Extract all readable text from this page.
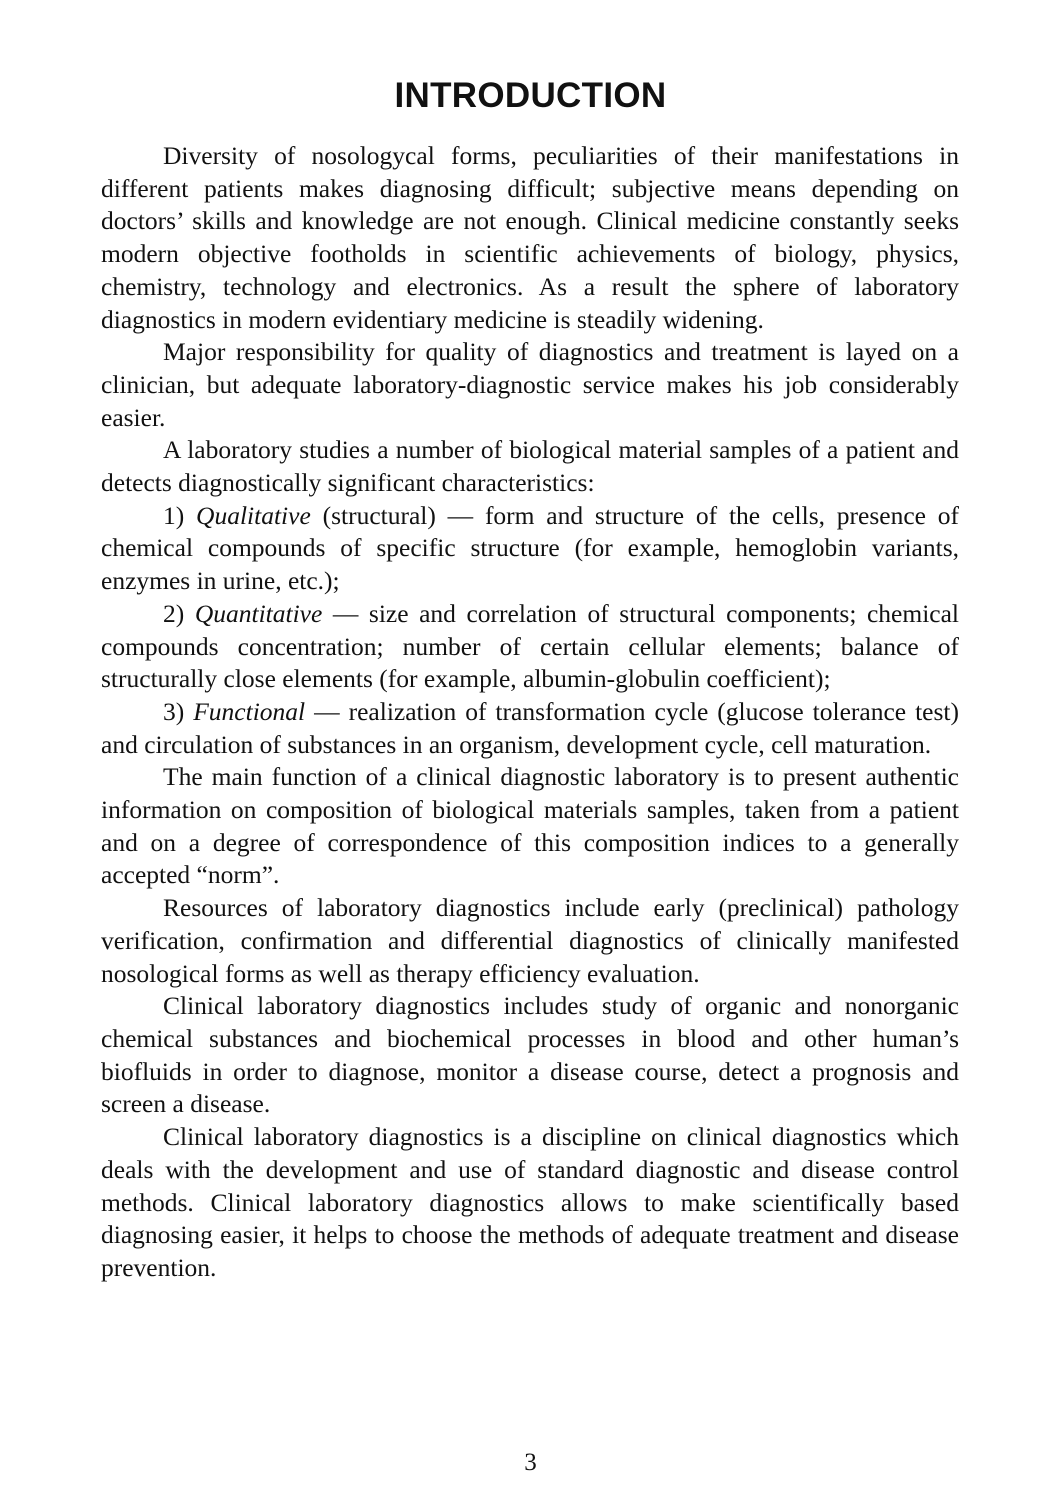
INTRODUCTION

Diversity of nosologycal forms, peculiarities of their manifestations in different patients makes diagnosing difficult; subjective means depending on doctors’ skills and knowledge are not enough. Clinical medicine constantly seeks modern objective footholds in scientific achievements of biology, physics, chemistry, technology and electronics. As a result the sphere of laboratory diagnostics in modern evidentiary medicine is steadily widening.

Major responsibility for quality of diagnostics and treatment is layed on a clinician, but adequate laboratory-diagnostic service makes his job considerably easier.

A laboratory studies a number of biological material samples of a patient and detects diagnostically significant characteristics:

1) Qualitative (structural) — form and structure of the cells, presence of chemical compounds of specific structure (for example, hemoglobin variants, enzymes in urine, etc.);

2) Quantitative — size and correlation of structural components; chemical compounds concentration; number of certain cellular elements; balance of structurally close elements (for example, albumin-globulin coefficient);

3) Functional — realization of transformation cycle (glucose tolerance test) and circulation of substances in an organism, development cycle, cell maturation.

The main function of a clinical diagnostic laboratory is to present authentic information on composition of biological materials samples, taken from a patient and on a degree of correspondence of this composition indices to a generally accepted “norm”.

Resources of laboratory diagnostics include early (preclinical) pathology verification, confirmation and differential diagnostics of clinically manifested nosological forms as well as therapy efficiency evaluation.

Clinical laboratory diagnostics includes study of organic and nonorganic chemical substances and biochemical processes in blood and other human’s biofluids in order to diagnose, monitor a disease course, detect a prognosis and screen a disease.

Clinical laboratory diagnostics is a discipline on clinical diagnostics which deals with the development and use of standard diagnostic and disease control methods. Clinical laboratory diagnostics allows to make scientifically based diagnosing easier, it helps to choose the methods of adequate treatment and disease prevention.

3
